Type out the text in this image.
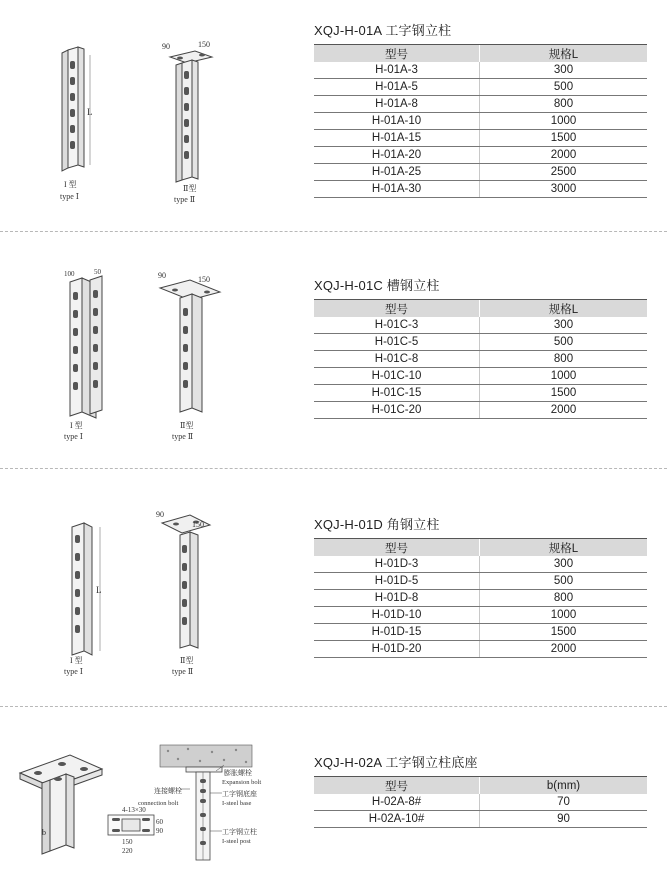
L
I 型
type Ⅰ
90	150
Ⅱ型
type Ⅱ
XQJ-H-01A 工字钢立柱
型号	规格L
H-01A-3	300
H-01A-5	500
H-01A-8	800
H-01A-10	1000
H-01A-15	1500
H-01A-20	2000
H-01A-25	2500
H-01A-30	3000
100	50
I 型
type Ⅰ
90	150
Ⅱ型
type Ⅱ
XQJ-H-01C 槽钢立柱
型号	规格L
H-01C-3	300
H-01C-5	500
H-01C-8	800
H-01C-10	1000
H-01C-15	1500
H-01C-20	2000
L
I 型
type Ⅰ
90
150
Ⅱ型
type Ⅱ
XQJ-H-01D 角钢立柱
型号	规格L
H-01D-3	300
H-01D-5	500
H-01D-8	800
H-01D-10	1000
H-01D-15	1500
H-01D-20	2000
b
4-13×30
60
90
150
220
膨胀螺栓
Expansion bolt
连接螺栓
connection bolt
工字钢底座
I-steel base
工字钢立柱
I-steel post
XQJ-H-02A 工字钢立柱底座
型号	b(mm)
H-02A-8#	70
H-02A-10#	90
